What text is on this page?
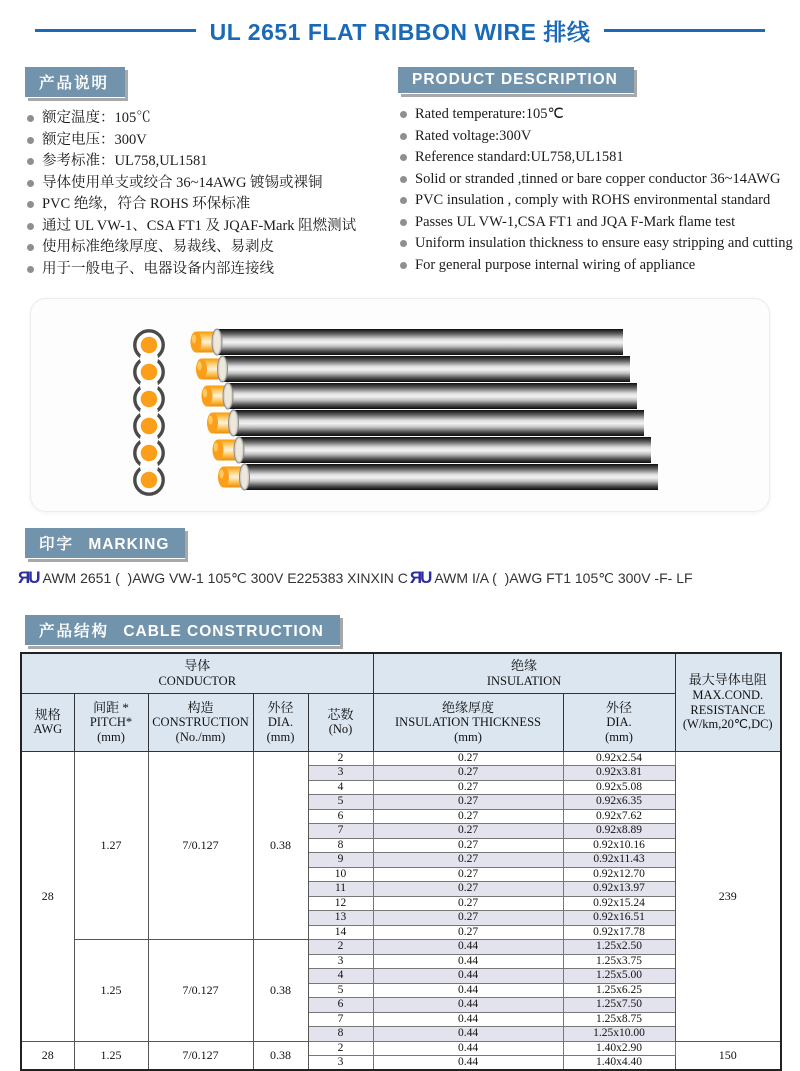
UL 2651 FLAT RIBBON WIRE 排线
产品说明
额定温度：105℃
额定电压：300V
参考标准：UL758,UL1581
导体使用单支或绞合 36~14AWG 镀锡或裸铜
PVC 绝缘，符合 ROHS 环保标准
通过 UL VW-1、CSA FT1 及 JQAF-Mark 阻燃测试
使用标准绝缘厚度、易裁线、易剥皮
用于一般电子、电器设备内部连接线
PRODUCT DESCRIPTION
Rated temperature:105℃
Rated voltage:300V
Reference standard:UL758,UL1581
Solid or stranded ,tinned or bare copper conductor 36~14AWG
PVC insulation , comply with ROHS environmental standard
Passes UL VW-1,CSA FT1 and JQA F-Mark flame test
Uniform insulation thickness to ensure easy stripping and cutting
For general purpose internal wiring of appliance
印字 MARKING
ЯU AWM 2651 (  )AWG VW-1 105℃ 300V E225383 XINXIN C ЯU AWM I/A (  )AWG FT1 105℃ 300V -F- LF
产品结构 CABLE CONSTRUCTION
导体
CONDUCTOR

绝缘
INSULATION	最大导体电阻
MAX.COND.
RESISTANCE
(W/km,20℃,DC)

规格
AWG

间距 *
PITCH*
(mm)

构造
CONSTRUCTION
(No./mm)

外径
DIA.
(mm)

芯数
(No)

绝缘厚度
INSULATION THICKNESS
(mm)

外径
DIA.
(mm)

28	1.27	7/0.127	0.38	2	0.27	0.92x2.54	239
				3	0.27	0.92x3.81	
				4	0.27	0.92x5.08	
				5	0.27	0.92x6.35	
				6	0.27	0.92x7.62	
				7	0.27	0.92x8.89	
				8	0.27	0.92x10.16	
				9	0.27	0.92x11.43	
				10	0.27	0.92x12.70	
				11	0.27	0.92x13.97	
				12	0.27	0.92x15.24	
				13	0.27	0.92x16.51	
				14	0.27	0.92x17.78	
	1.25	7/0.127	0.38	2	0.44	1.25x2.50	
				3	0.44	1.25x3.75	
				4	0.44	1.25x5.00	
				5	0.44	1.25x6.25	
				6	0.44	1.25x7.50	
				7	0.44	1.25x8.75	
				8	0.44	1.25x10.00	
28	1.25	7/0.127	0.38	2	0.44	1.40x2.90	150
				3	0.44	1.40x4.40	
